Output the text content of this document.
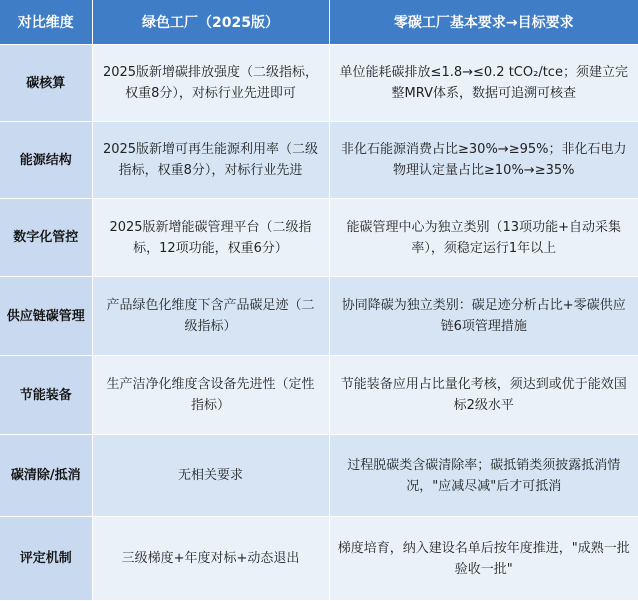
对比维度	绿色工厂（2025版）	零碳工厂基本要求→目标要求
碳核算	2025版新增碳排放强度（二级指标，权重8分），对标行业先进即可	单位能耗碳排放≤1.8→≤0.2 tCO₂/tce；须建立完整MRV体系，数据可追溯可核查
能源结构	2025版新增可再生能源利用率（二级指标，权重8分），对标行业先进	非化石能源消费占比≥30%→≥95%；非化石电力物理认定量占比≥10%→≥35%
数字化管控	2025版新增能碳管理平台（二级指标，12项功能，权重6分）	能碳管理中心为独立类别（13项功能+自动采集率），须稳定运行1年以上
供应链碳管理	产品绿色化维度下含产品碳足迹（二级指标）	协同降碳为独立类别：碳足迹分析占比+零碳供应链6项管理措施
节能装备	生产洁净化维度含设备先进性（定性指标）	节能装备应用占比量化考核，须达到或优于能效国标2级水平
碳清除/抵消	无相关要求	过程脱碳类含碳清除率；碳抵销类须披露抵消情况，"应减尽减"后才可抵消
评定机制	三级梯度+年度对标+动态退出	梯度培育，纳入建设名单后按年度推进，"成熟一批验收一批"
